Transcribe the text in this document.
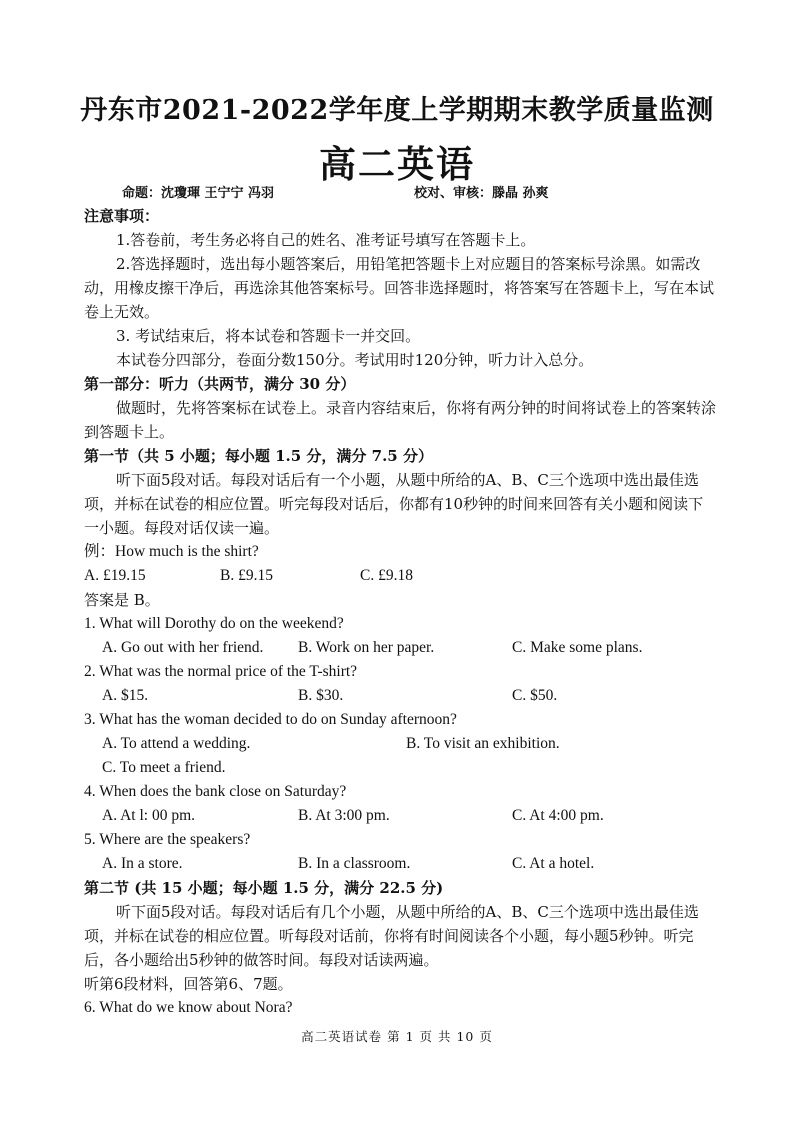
丹东市2021-2022学年度上学期期末教学质量监测
高二英语
命题：沈瓊琿 王宁宁 冯羽	校对、审核：滕晶 孙爽

注意事项：

1.答卷前，考生务必将自己的姓名、准考证号填写在答题卡上。

2.答选择题时，选出每小题答案后，用铅笔把答题卡上对应题目的答案标号涂黑。如需改动，用橡皮擦干净后，再选涂其他答案标号。回答非选择题时，将答案写在答题卡上，写在本试卷上无效。

3. 考试结束后，将本试卷和答题卡一并交回。

本试卷分四部分，卷面分数150分。考试用时120分钟，听力计入总分。

第一部分：听力（共两节，满分 30 分）

做题时，先将答案标在试卷上。录音内容结束后，你将有两分钟的时间将试卷上的答案转涂到答题卡上。

第一节（共 5 小题；每小题 1.5 分，满分 7.5 分）

听下面5段对话。每段对话后有一个小题，从题中所给的A、B、C三个选项中选出最佳选项，并标在试卷的相应位置。听完每段对话后，你都有10秒钟的时间来回答有关小题和阅读下一小题。每段对话仅读一遍。

例：How much is the shirt?

A. £19.15	B. £9.15	C. £9.18

答案是 B。

1. What will Dorothy do on the weekend?

A. Go out with her friend. B. Work on her paper.	C. Make some plans.

2. What was the normal price of the T-shirt?

A. $15.	B. $30.	C. $50.

3. What has the woman decided to do on Sunday afternoon?

A. To attend a wedding.	B. To visit an exhibition.
C. To meet a friend.

4. When does the bank close on Saturday?

A. At l: 00 pm.	B. At 3:00 pm.	C. At 4:00 pm.

5. Where are the speakers?

A. In a store.	B. In a classroom.	C. At a hotel.

第二节 (共 15 小题；每小题 1.5 分，满分 22.5 分)

听下面5段对话。每段对话后有几个小题，从题中所给的A、B、C三个选项中选出最佳选项，并标在试卷的相应位置。听每段对话前，你将有时间阅读各个小题，每小题5秒钟。听完后，各小题给出5秒钟的做答时间。每段对话读两遍。

听第6段材料，回答第6、7题。

6. What do we know about Nora?

高二英语试卷 第 1 页 共 10 页
